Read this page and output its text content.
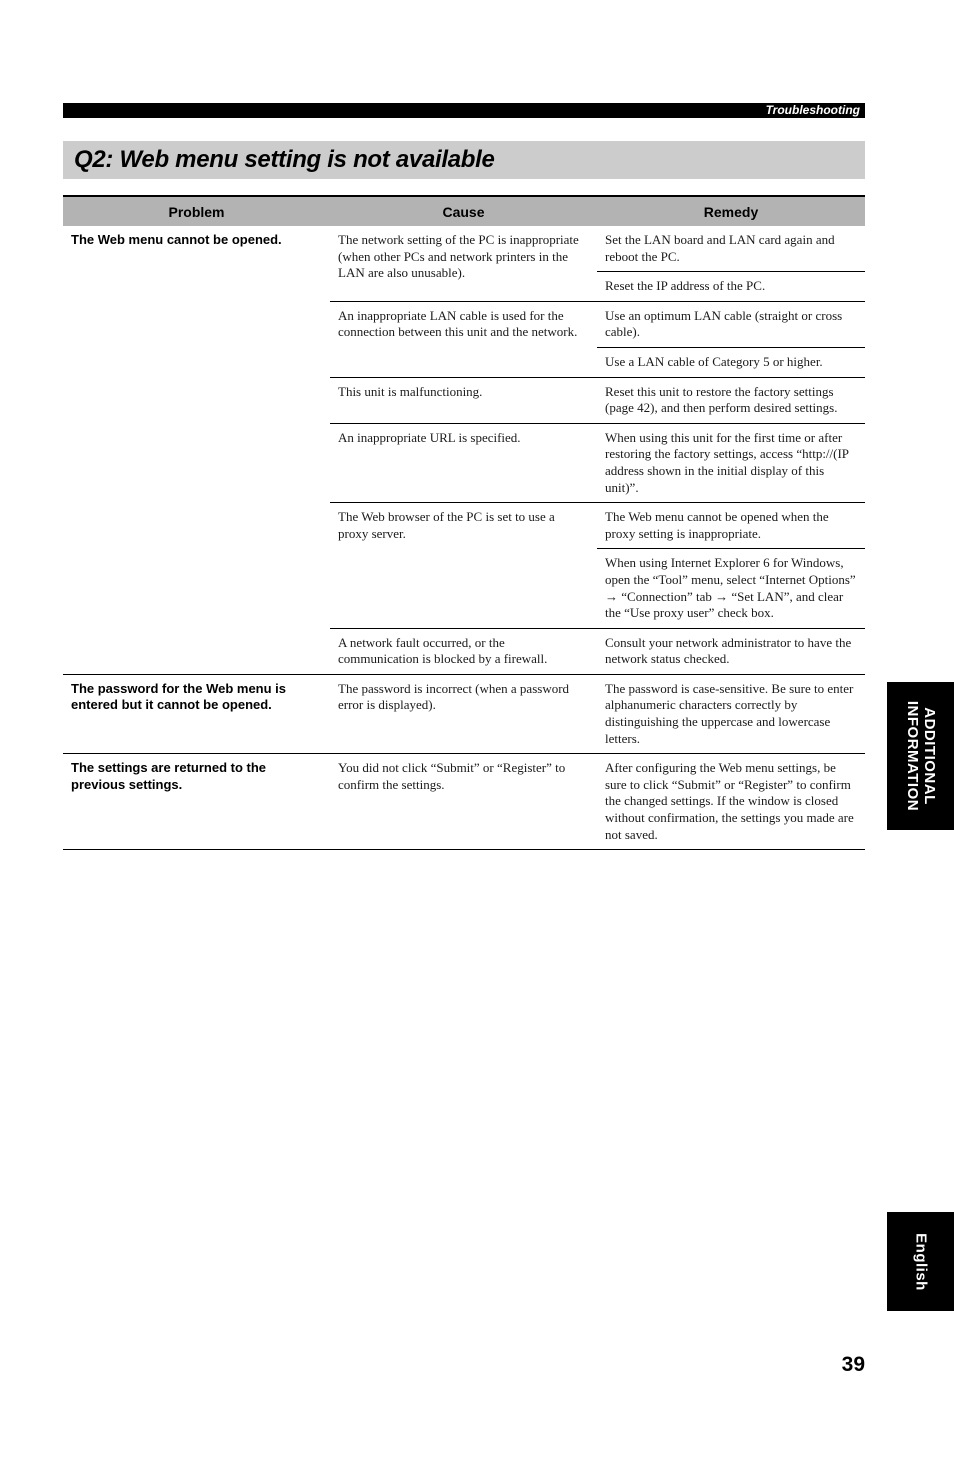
Troubleshooting
Q2: Web menu setting is not available
Problem	Cause	Remedy
The Web menu cannot be opened.	The network setting of the PC is inappropriate (when other PCs and network printers in the LAN are also unusable).	Set the LAN board and LAN card again and reboot the PC.
		Reset the IP address of the PC.
	An inappropriate LAN cable is used for the connection between this unit and the network.	Use an optimum LAN cable (straight or cross cable).
		Use a LAN cable of Category 5 or higher.
	This unit is malfunctioning.	Reset this unit to restore the factory settings (page 42), and then perform desired settings.
	An inappropriate URL is specified.	When using this unit for the first time or after restoring the factory settings, access “http://(IP address shown in the initial display of this unit)”.
	The Web browser of the PC is set to use a proxy server.	The Web menu cannot be opened when the proxy setting is inappropriate.
		When using Internet Explorer 6 for Windows, open the “Tool” menu, select “Internet Options” → “Connection” tab → “Set LAN”, and clear the “Use proxy user” check box.
	A network fault occurred, or the communication is blocked by a firewall.	Consult your network administrator to have the network status checked.
The password for the Web menu is entered but it cannot be opened.	The password is incorrect (when a password error is displayed).	The password is case-sensitive. Be sure to enter alphanumeric characters correctly by distinguishing the uppercase and lowercase letters.
The settings are returned to the previous settings.	You did not click “Submit” or “Register” to confirm the settings.	After configuring the Web menu settings, be sure to click “Submit” or “Register” to confirm the changed settings. If the window is closed without confirmation, the settings you made are not saved.
ADDITIONAL
INFORMATION
English
39
